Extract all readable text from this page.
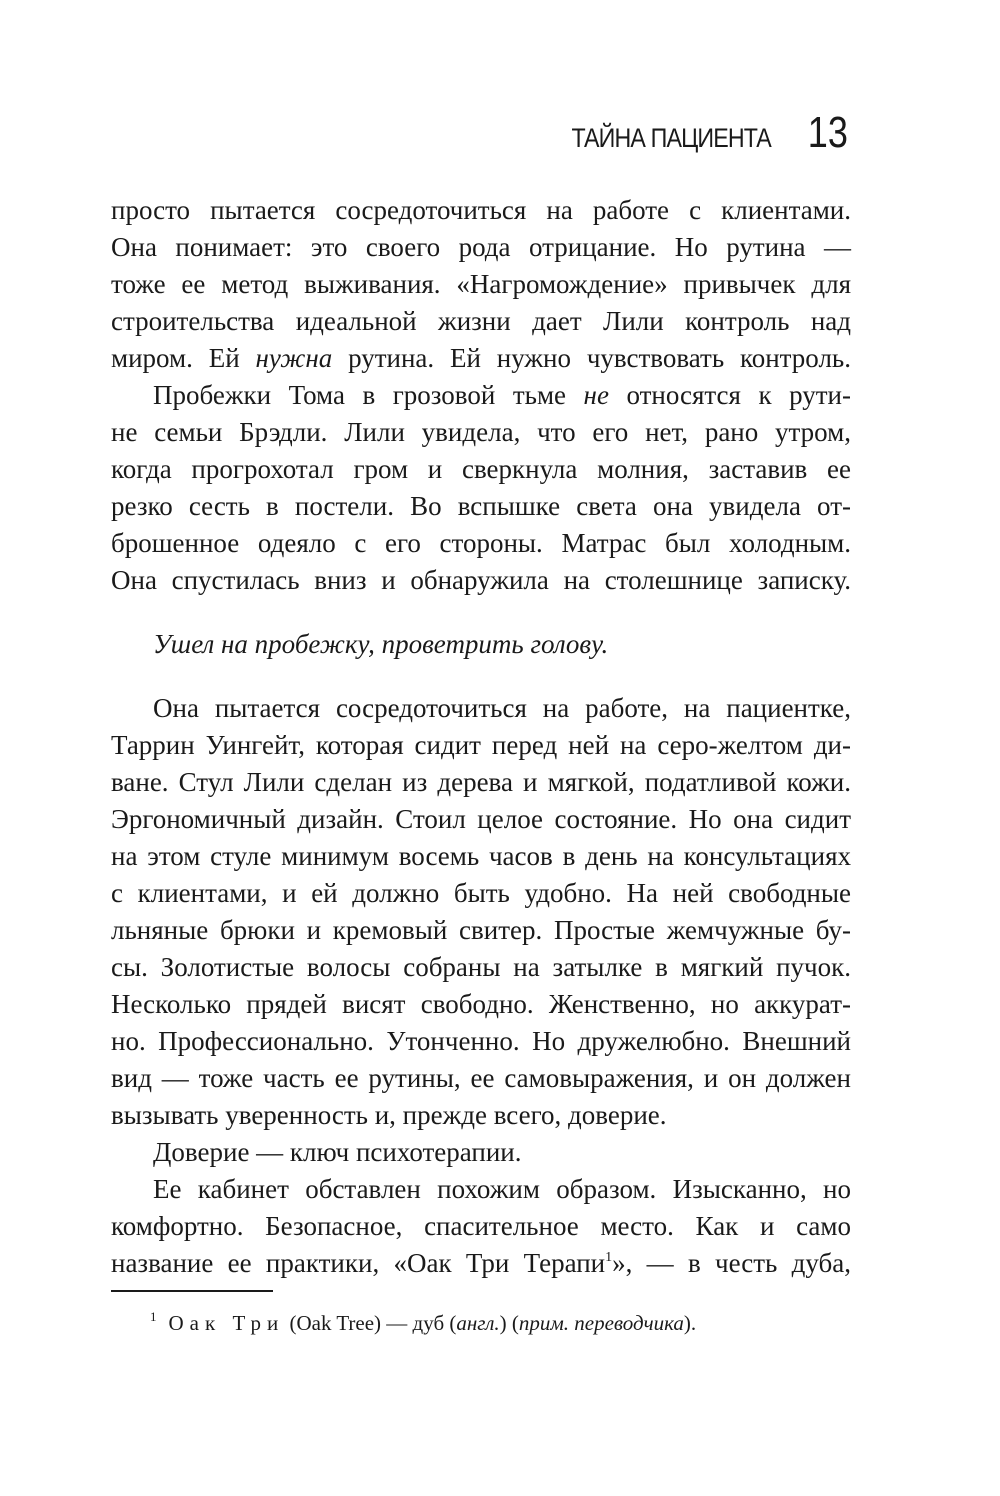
ТАЙНА ПАЦИЕНТА 13
просто пытается сосредоточиться на работе с клиентами.
Она понимает: это своего рода отрицание. Но рутина —
тоже ее метод выживания. «Нагромождение» привычек для
строительства идеальной жизни дает Лили контроль над
миром. Ей нужна рутина. Ей нужно чувствовать контроль.
Пробежки Тома в грозовой тьме не относятся к рути-
не семьи Брэдли. Лили увидела, что его нет, рано утром,
когда прогрохотал гром и сверкнула молния, заставив ее
резко сесть в постели. Во вспышке света она увидела от-
брошенное одеяло с его стороны. Матрас был холодным.
Она спустилась вниз и обнаружила на столешнице записку.
Ушел на пробежку, проветрить голову.
Она пытается сосредоточиться на работе, на пациентке,
Таррин Уингейт, которая сидит перед ней на серо-желтом ди-
ване. Стул Лили сделан из дерева и мягкой, податливой кожи.
Эргономичный дизайн. Стоил целое состояние. Но она сидит
на этом стуле минимум восемь часов в день на консультациях
с клиентами, и ей должно быть удобно. На ней свободные
льняные брюки и кремовый свитер. Простые жемчужные бу-
сы. Золотистые волосы собраны на затылке в мягкий пучок.
Несколько прядей висят свободно. Женственно, но аккурат-
но. Профессионально. Утонченно. Но дружелюбно. Внешний
вид — тоже часть ее рутины, ее самовыражения, и он должен
вызывать уверенность и, прежде всего, доверие.
Доверие — ключ психотерапии.
Ее кабинет обставлен похожим образом. Изысканно, но
комфортно. Безопасное, спасительное место. Как и само
название ее практики, «Оак Три Терапи$^1$», — в честь дуба,
$^1$ Оак Три (Oak Tree) — дуб (англ.) (прим. переводчика).
